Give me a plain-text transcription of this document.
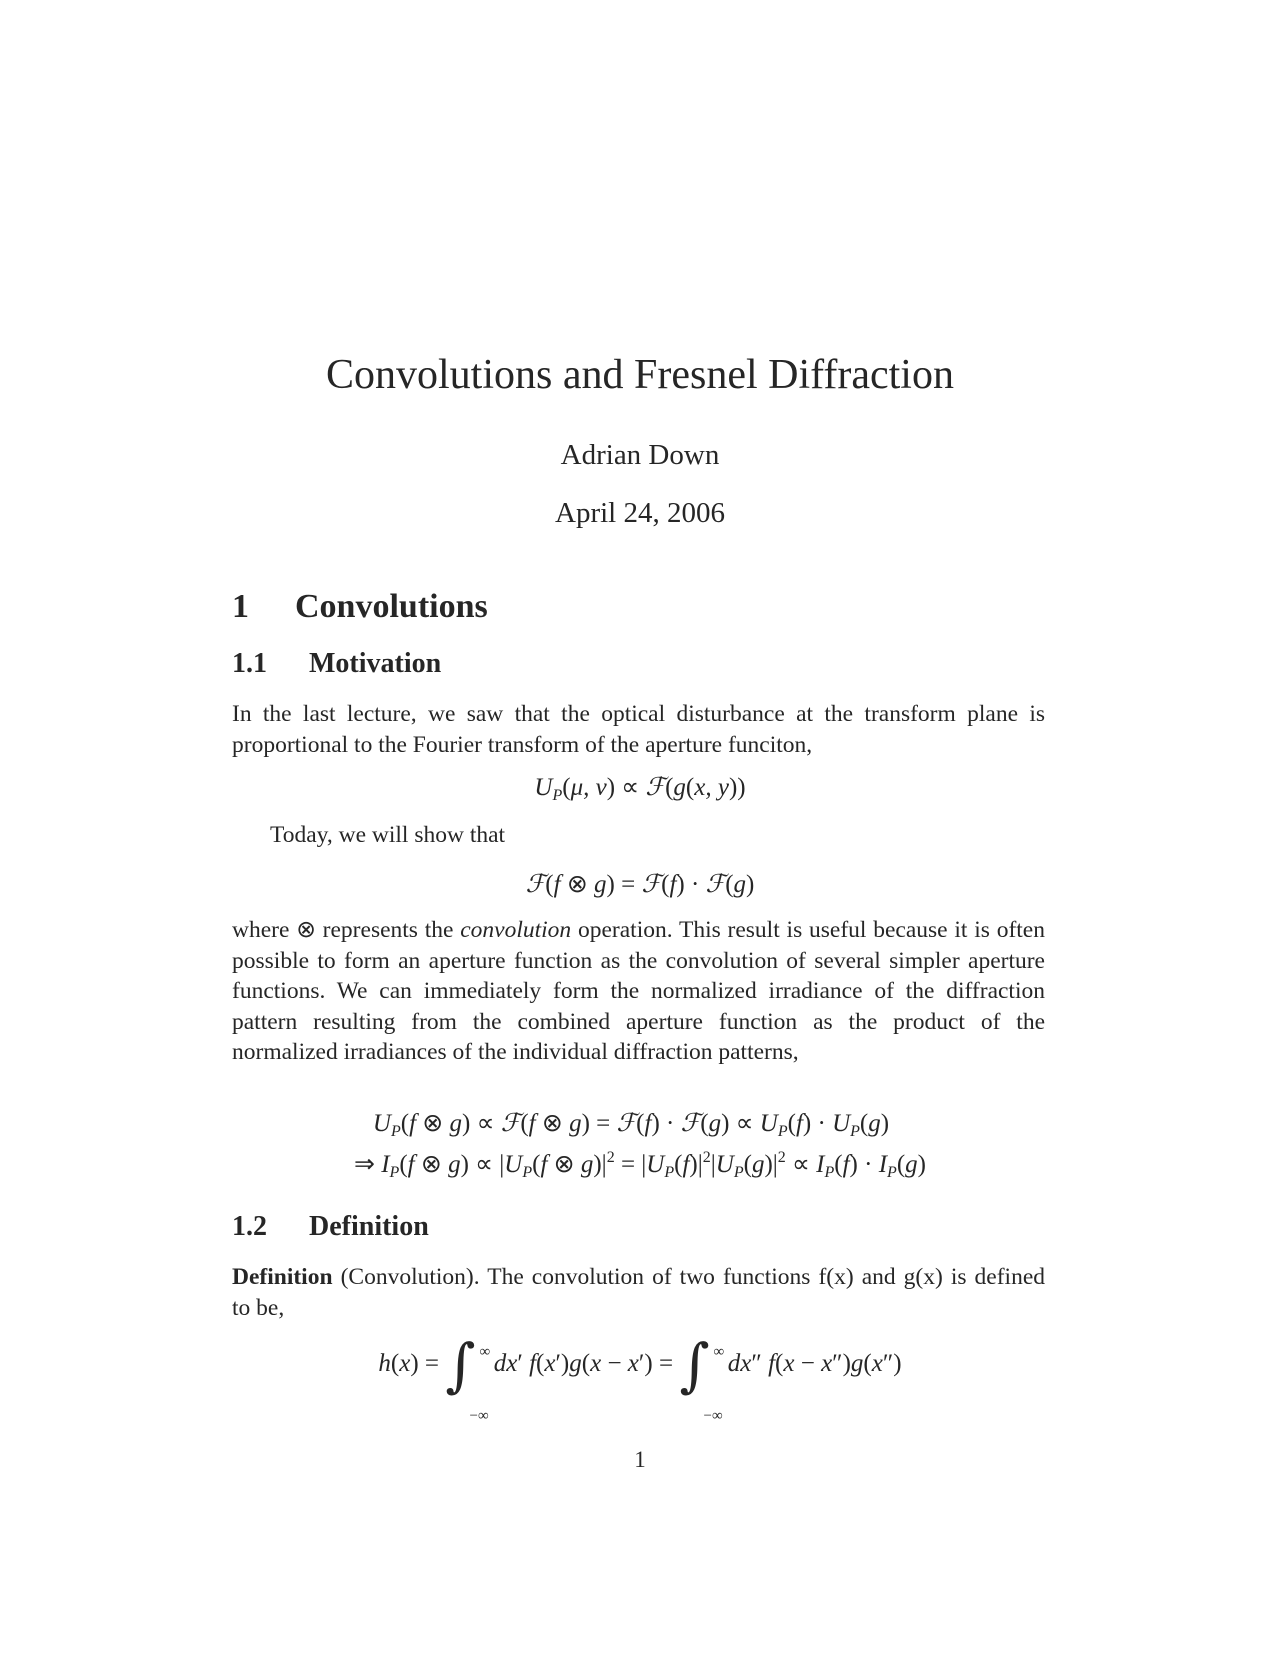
Convolutions and Fresnel Diffraction
Adrian Down
April 24, 2006
1 Convolutions
1.1 Motivation
In the last lecture, we saw that the optical disturbance at the transform plane is proportional to the Fourier transform of the aperture funciton,
$U_P(\mu$, ν) ∝ ℱ(g(x, y))
Today, we will show that
ℱ(f ⊗ g) = ℱ(f) · ℱ(g)
where ⊗ represents the convolution operation. This result is useful because it is often possible to form an aperture function as the convolution of several simpler aperture functions. We can immediately form the normalized irradiance of the diffraction pattern resulting from the combined aperture function as the product of the normalized irradiances of the individual diffraction patterns,
$U_P(f$ ⊗ g) ∝ ℱ(f ⊗ g) = ℱ(f) · ℱ(g) ∝ $U_P(f) \cdot U_P(g)$
⇒ $I_P(f$ ⊗ $g) \propto |U_P(f$ ⊗ $g)|^2 = |U_P(f)|^2|U_P(g)|^2 \propto I_P(f) \cdot I_P(g)$
1.2 Definition
Definition (Convolution). The convolution of two functions f(x) and g(x) is defined to be,
h(x) = ∫ ∞
−∞
dx′ f(x′)g(x − x′) = ∫ ∞
−∞
dx″ f(x − x″)g(x″)
1
